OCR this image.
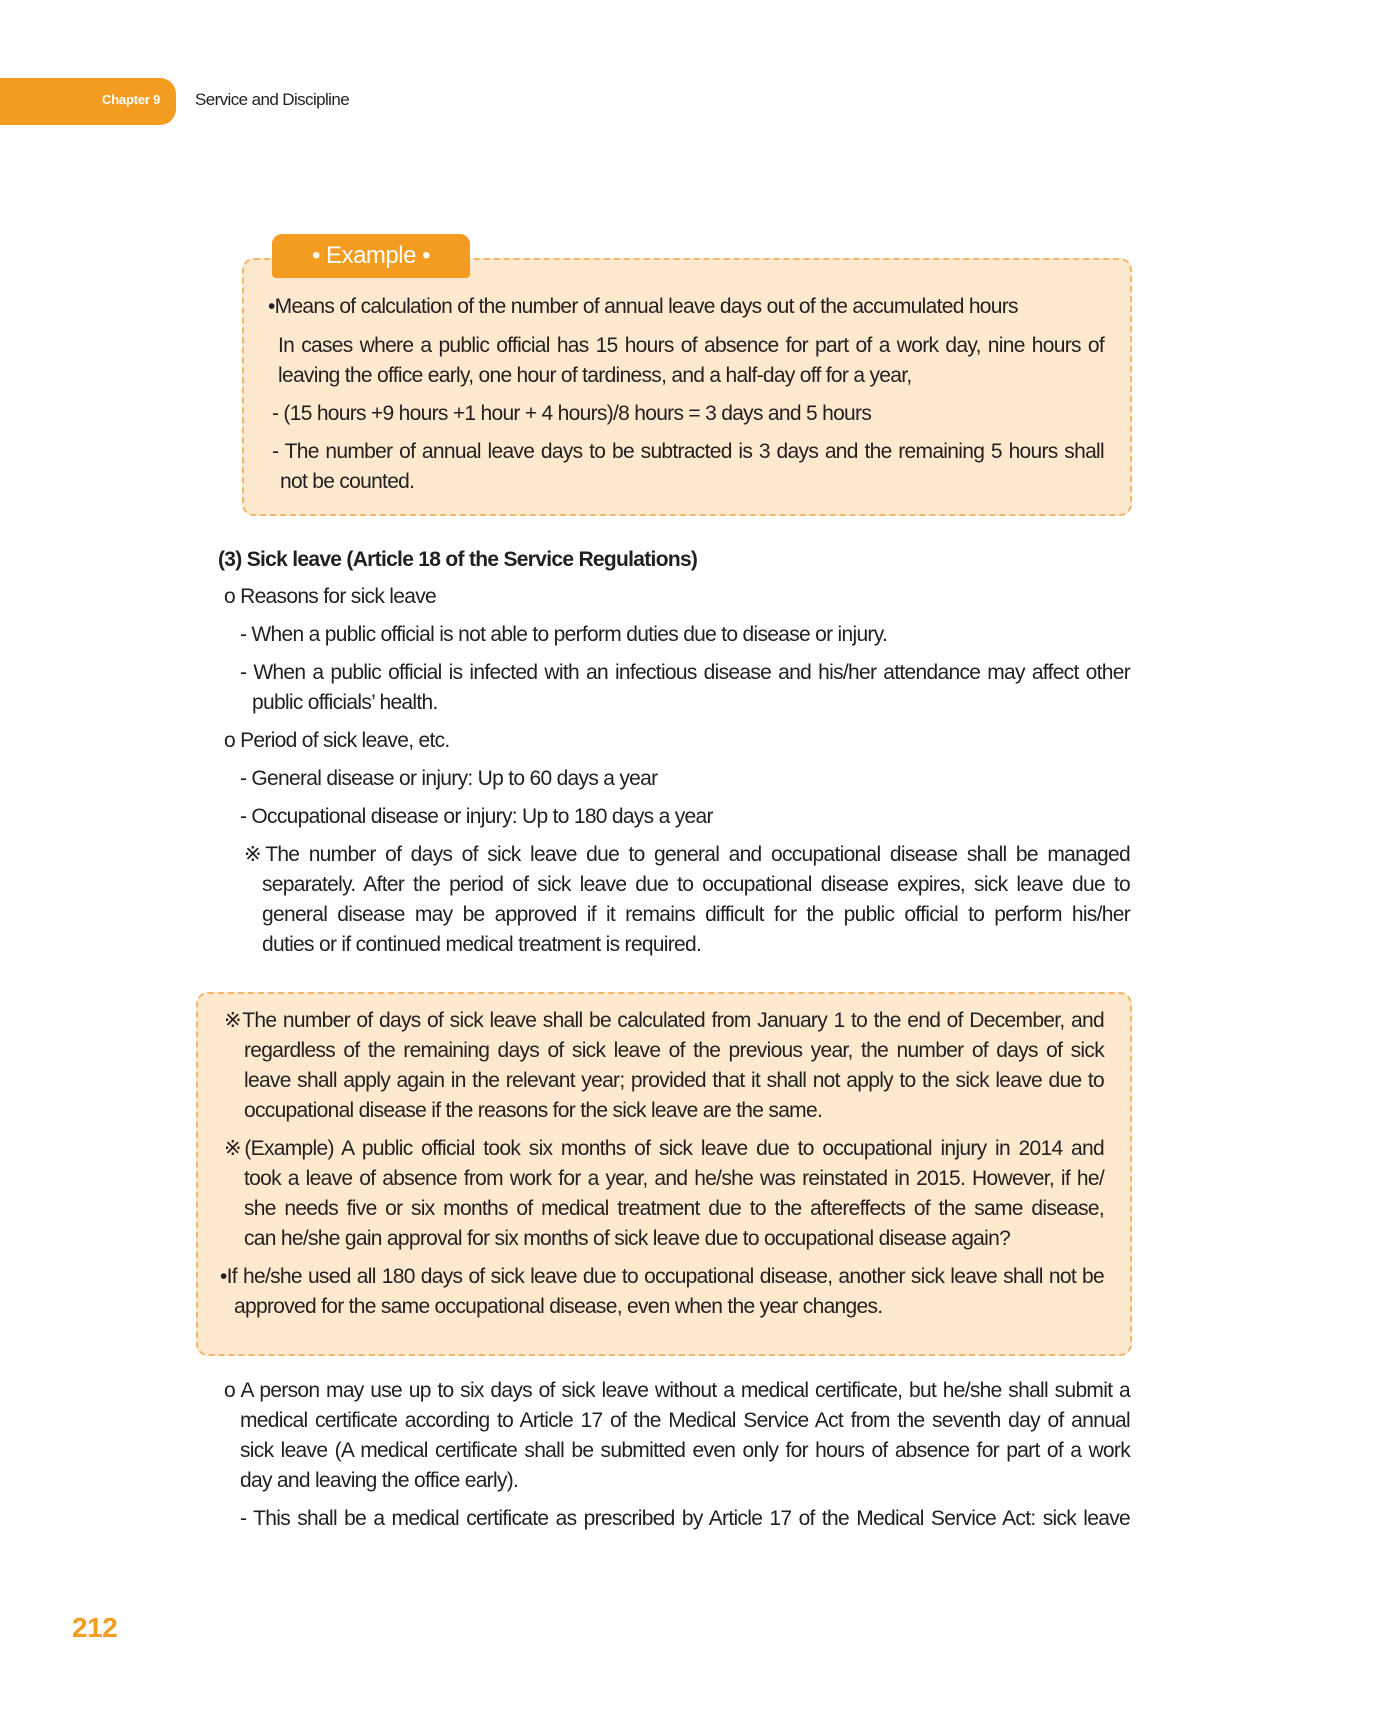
Chapter 9 Service and Discipline
• Example •
•Means of calculation of the number of annual leave days out of the accumulated hours
In cases where a public official has 15 hours of absence for part of a work day, nine hours of
leaving the office early, one hour of tardiness, and a half-day off for a year,
- (15 hours +9 hours +1 hour + 4 hours)/8 hours = 3 days and 5 hours
- The number of annual leave days to be subtracted is 3 days and the remaining 5 hours shall
not be counted.
(3) Sick leave (Article 18 of the Service Regulations)
o Reasons for sick leave
- When a public official is not able to perform duties due to disease or injury.
- When a public official is infected with an infectious disease and his/her attendance may affect other
public officials’ health.
o Period of sick leave, etc.
- General disease or injury: Up to 60 days a year
- Occupational disease or injury: Up to 180 days a year
※The number of days of sick leave due to general and occupational disease shall be managed
separately. After the period of sick leave due to occupational disease expires, sick leave due to
general disease may be approved if it remains difficult for the public official to perform his/her
duties or if continued medical treatment is required.
※The number of days of sick leave shall be calculated from January 1 to the end of December, and
regardless of the remaining days of sick leave of the previous year, the number of days of sick
leave shall apply again in the relevant year; provided that it shall not apply to the sick leave due to
occupational disease if the reasons for the sick leave are the same.
※(Example) A public official took six months of sick leave due to occupational injury in 2014 and
took a leave of absence from work for a year, and he/she was reinstated in 2015. However, if he/
she needs five or six months of medical treatment due to the aftereffects of the same disease,
can he/she gain approval for six months of sick leave due to occupational disease again?
•If he/she used all 180 days of sick leave due to occupational disease, another sick leave shall not be
approved for the same occupational disease, even when the year changes.
o A person may use up to six days of sick leave without a medical certificate, but he/she shall submit a
medical certificate according to Article 17 of the Medical Service Act from the seventh day of annual
sick leave (A medical certificate shall be submitted even only for hours of absence for part of a work
day and leaving the office early).
- This shall be a medical certificate as prescribed by Article 17 of the Medical Service Act: sick leave
212
